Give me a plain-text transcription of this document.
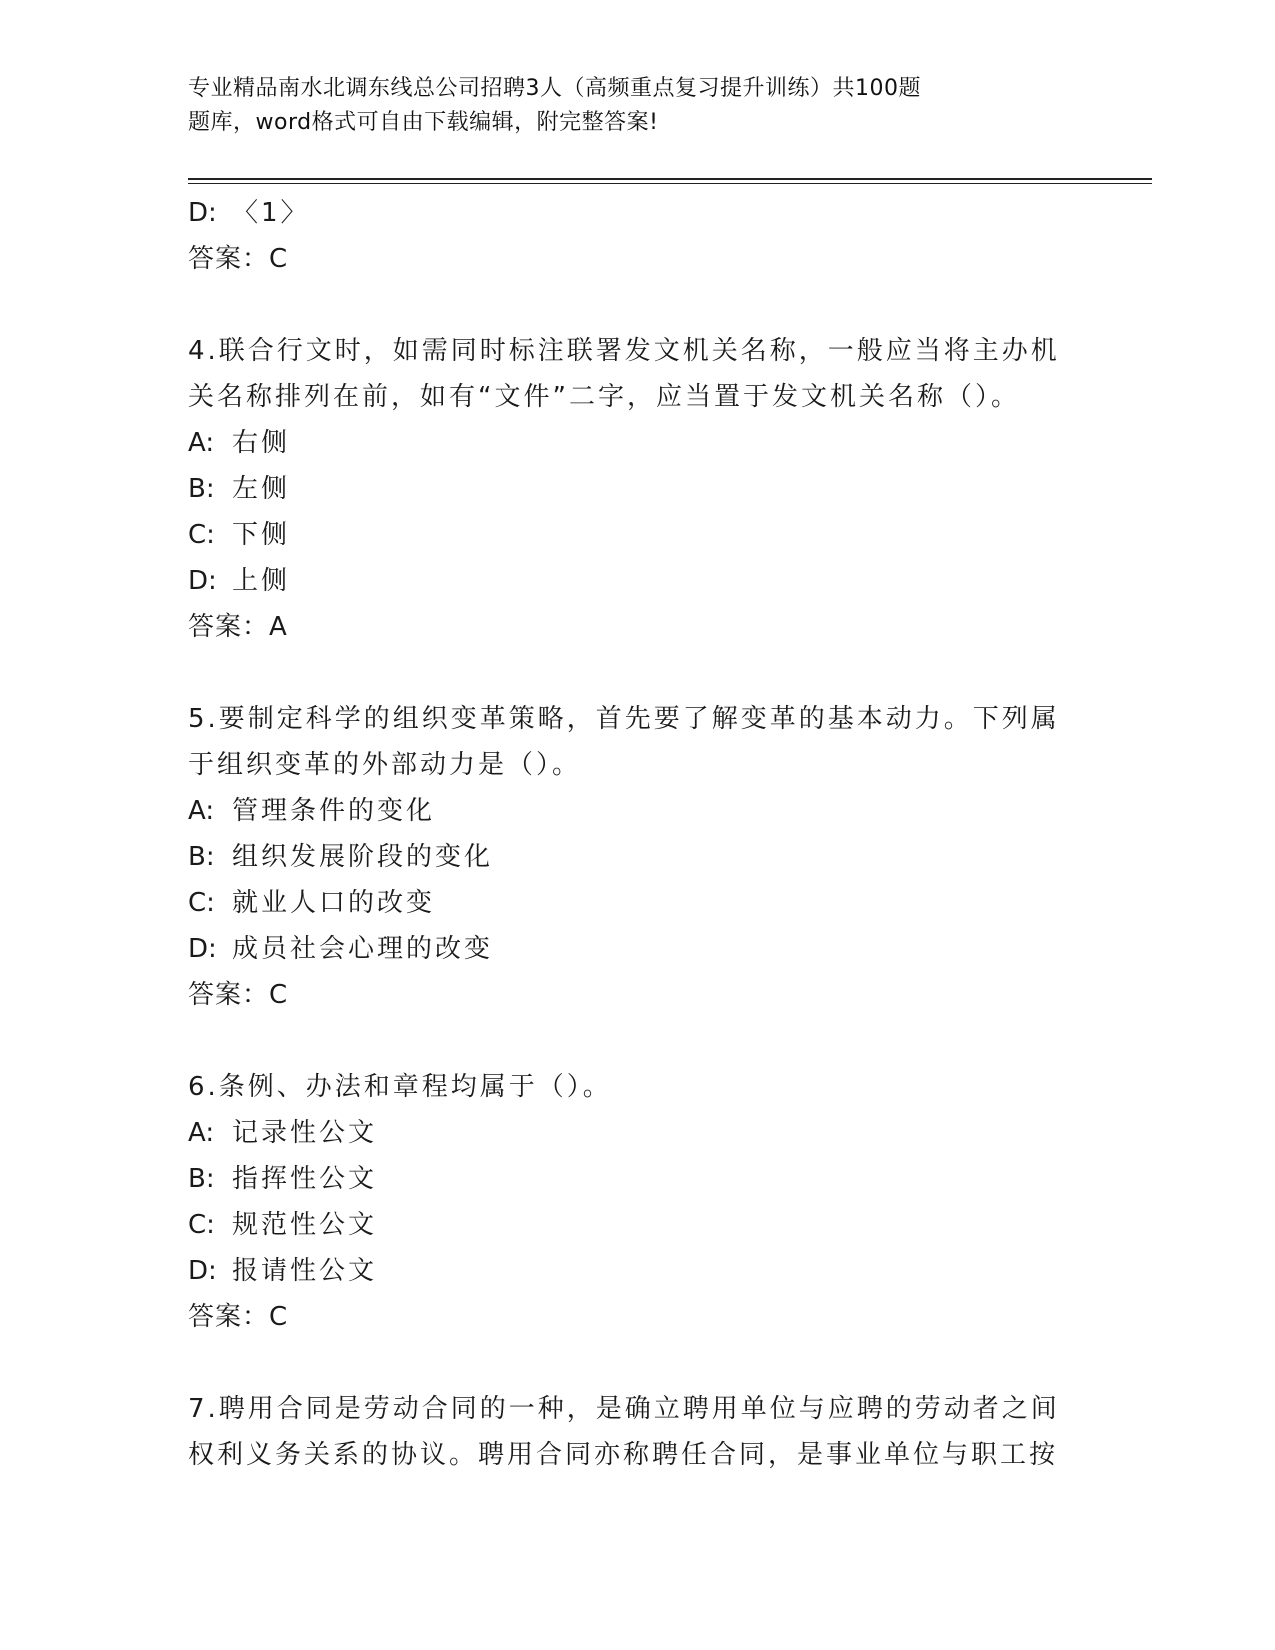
专业精品南水北调东线总公司招聘3人（高频重点复习提升训练）共100题
题库，word格式可自由下载编辑，附完整答案!
D: 〈1〉
答案：C
4.联合行文时，如需同时标注联署发文机关名称，一般应当将主办机
关名称排列在前，如有“文件”二字，应当置于发文机关名称（）。
A: 右侧
B: 左侧
C: 下侧
D: 上侧
答案：A
5.要制定科学的组织变革策略，首先要了解变革的基本动力。下列属
于组织变革的外部动力是（）。
A: 管理条件的变化
B: 组织发展阶段的变化
C: 就业人口的改变
D: 成员社会心理的改变
答案：C
6.条例、办法和章程均属于（）。
A: 记录性公文
B: 指挥性公文
C: 规范性公文
D: 报请性公文
答案：C
7.聘用合同是劳动合同的一种，是确立聘用单位与应聘的劳动者之间
权利义务关系的协议。聘用合同亦称聘任合同，是事业单位与职工按
